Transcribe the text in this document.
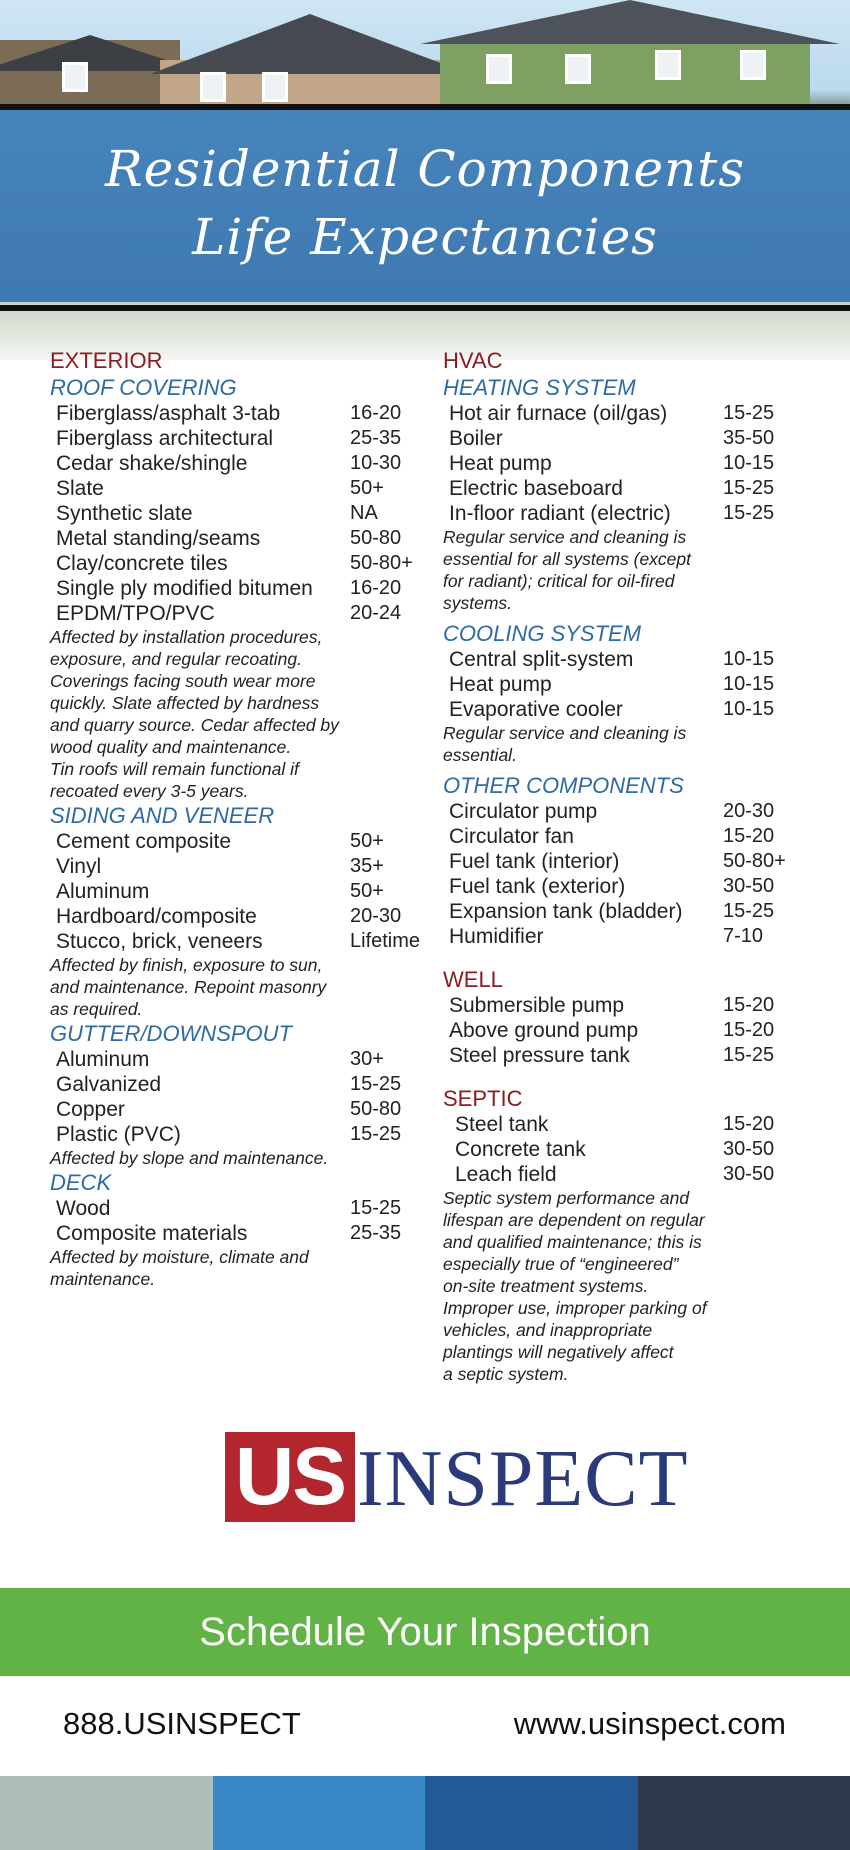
Residential Components
Life Expectancies
EXTERIOR
ROOF COVERING
Fiberglass/asphalt 3-tab	16-20
Fiberglass architectural	25-35
Cedar shake/shingle	10-30
Slate	50+
Synthetic slate	NA
Metal standing/seams	50-80
Clay/concrete tiles	50-80+
Single ply modified bitumen 16-20
EPDM/TPO/PVC	20-24
Affected by installation procedures,
exposure, and regular recoating.
Coverings facing south wear more
quickly. Slate affected by hardness
and quarry source. Cedar affected by
wood quality and maintenance.
Tin roofs will remain functional if
recoated every 3-5 years.
SIDING AND VENEER
Cement composite	50+
Vinyl	35+
Aluminum	50+
Hardboard/composite	20-30
Stucco, brick, veneers	Lifetime
Affected by finish, exposure to sun,
and maintenance. Repoint masonry
as required.
GUTTER/DOWNSPOUT
Aluminum	30+
Galvanized	15-25
Copper	50-80
Plastic (PVC)	15-25
Affected by slope and maintenance.
DECK
Wood	15-25
Composite materials	25-35
Affected by moisture, climate and
maintenance.
HVAC
HEATING SYSTEM
Hot air furnace (oil/gas)	15-25
Boiler	35-50
Heat pump	10-15
Electric baseboard	15-25
In-floor radiant (electric)	15-25
Regular service and cleaning is
essential for all systems (except
for radiant); critical for oil-fired
systems.
COOLING SYSTEM
Central split-system	10-15
Heat pump	10-15
Evaporative cooler	10-15
Regular service and cleaning is
essential.
OTHER COMPONENTS
Circulator pump	20-30
Circulator fan	15-20
Fuel tank (interior)	50-80+
Fuel tank (exterior)	30-50
Expansion tank (bladder) 15-25
Humidifier	7-10
WELL
Submersible pump	15-20
Above ground pump	15-20
Steel pressure tank	15-25
SEPTIC
Steel tank	15-20
Concrete tank	30-50
Leach field	30-50
Septic system performance and
lifespan are dependent on regular
and qualified maintenance; this is
especially true of “engineered”
on-site treatment systems.
Improper use, improper parking of
vehicles, and inappropriate
plantings will negatively affect
a septic system.
US INSPECT
Schedule Your Inspection
888.USINSPECT	www.usinspect.com
